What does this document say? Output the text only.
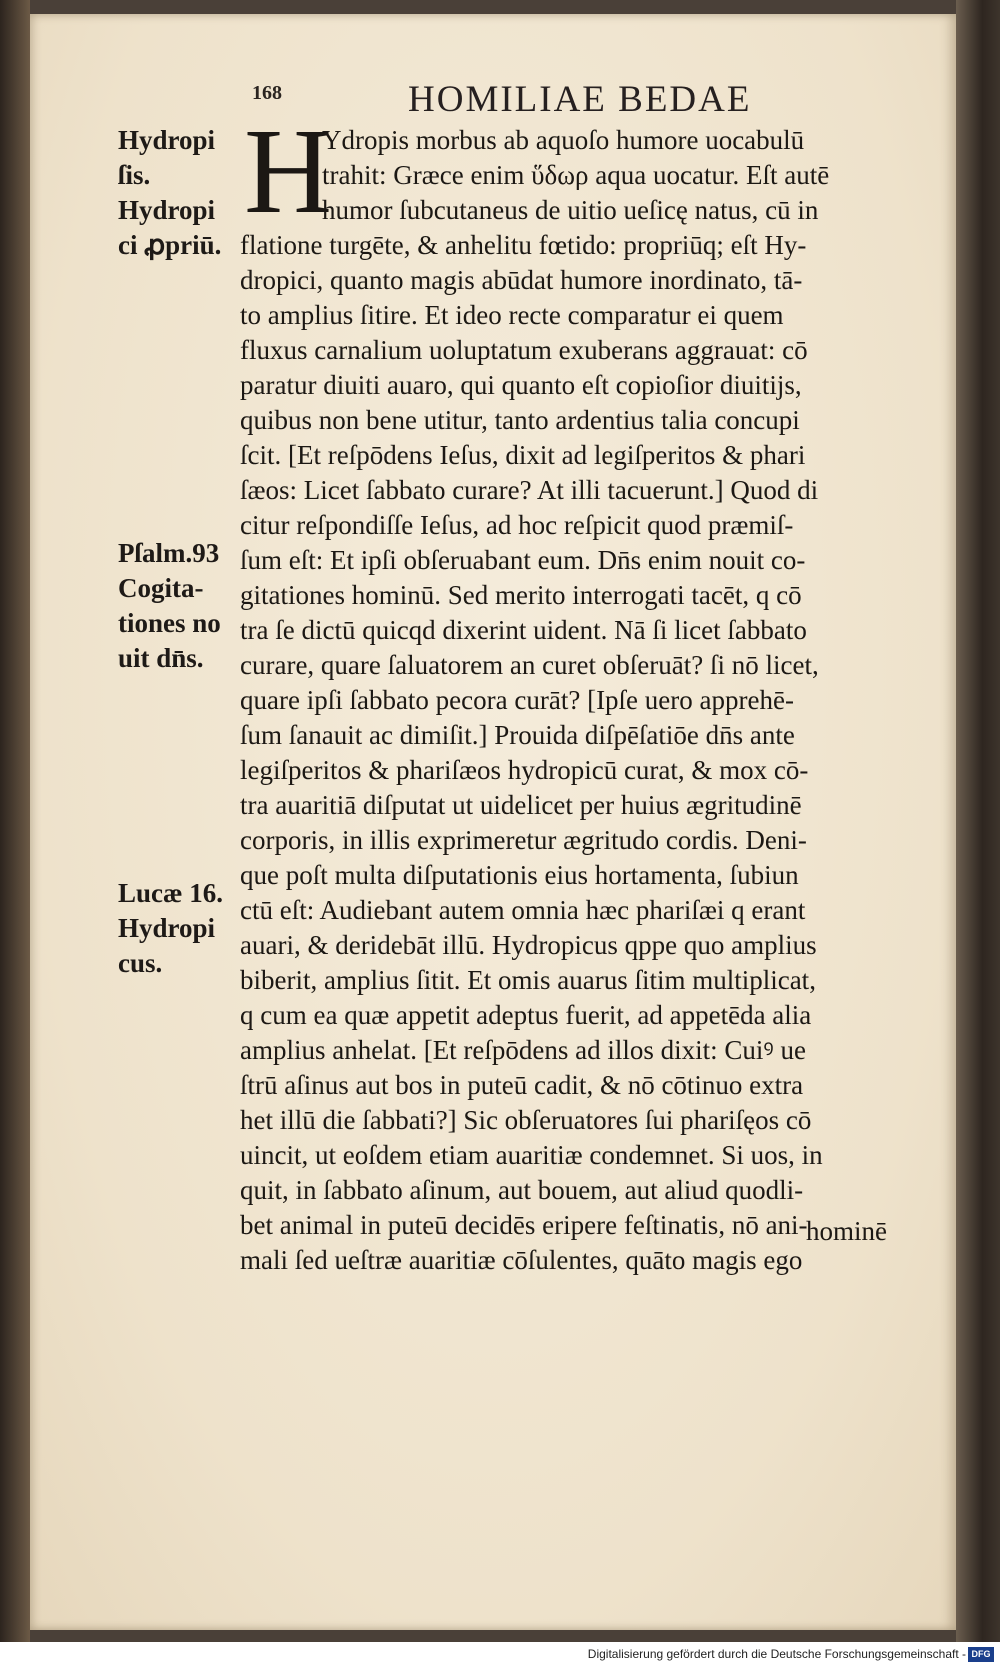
168	HOMILIAE BEDAE
H
Hydropi
ſis.
Hydropi
ci ꝓpriū.
Pſalm.93
Cogita-
tiones no
uit dn̄s.
Lucæ 16.
Hydropi
cus.
Ydropis morbus ab aquoſo humore uocabulū
trahit: Græce enim ὕδωρ aqua uocatur. Eſt autē
humor ſubcutaneus de uitio ueſicę natus, cū in
flatione turgēte, & anhelitu fœtido: propriūq; eſt Hy-
dropici, quanto magis abūdat humore inordinato, tā-
to amplius ſitire. Et ideo recte comparatur ei quem
fluxus carnalium uoluptatum exuberans aggrauat: cō
paratur diuiti auaro, qui quanto eſt copioſior diuitijs,
quibus non bene utitur, tanto ardentius talia concupi
ſcit. [Et reſpōdens Ieſus, dixit ad legiſperitos & phari
ſæos: Licet ſabbato curare? At illi tacuerunt.] Quod di
citur reſpondiſſe Ieſus, ad hoc reſpicit quod præmiſ-
ſum eſt: Et ipſi obſeruabant eum. Dn̄s enim nouit co-
gitationes hominū. Sed merito interrogati tacēt, q cō
tra ſe dictū quicqd dixerint uident. Nā ſi licet ſabbato
curare, quare ſaluatorem an curet obſeruāt? ſi nō licet,
quare ipſi ſabbato pecora curāt? [Ipſe uero apprehē-
ſum ſanauit ac dimiſit.] Prouida diſpēſatiōe dn̄s ante
legiſperitos & phariſæos hydropicū curat, & mox cō-
tra auaritiā diſputat ut uidelicet per huius ægritudinē
corporis, in illis exprimeretur ægritudo cordis. Deni-
que poſt multa diſputationis eius hortamenta, ſubiun
ctū eſt: Audiebant autem omnia hæc phariſæi q erant
auari, & deridebāt illū. Hydropicus qppe quo amplius
biberit, amplius ſitit. Et omis auarus ſitim multiplicat,
q cum ea quæ appetit adeptus fuerit, ad appetēda alia
amplius anhelat. [Et reſpōdens ad illos dixit: Cuiꝰ ue
ſtrū aſinus aut bos in puteū cadit, & nō cōtinuo extra
het illū die ſabbati?] Sic obſeruatores ſui phariſęos cō
uincit, ut eoſdem etiam auaritiæ condemnet. Si uos, in
quit, in ſabbato aſinum, aut bouem, aut aliud quodli-
bet animal in puteū decidēs eripere feſtinatis, nō ani-
mali ſed ueſtræ auaritiæ cōſulentes, quāto magis ego
hominē
Digitalisierung gefördert durch die Deutsche Forschungsgemeinschaft - DFG
